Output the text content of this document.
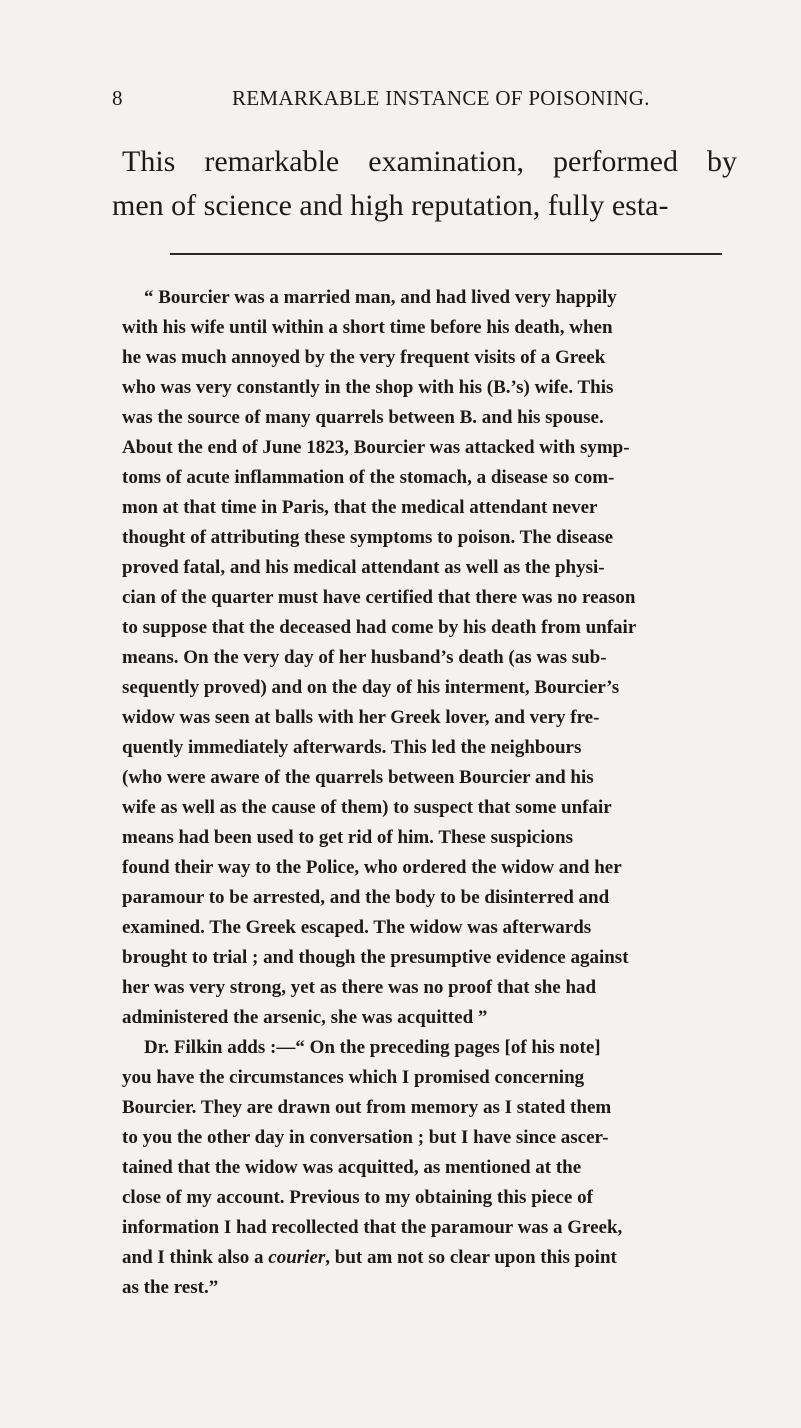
8	REMARKABLE INSTANCE OF POISONING.
This remarkable examination, performed by
men of science and high reputation, fully esta-
“ Bourcier was a married man, and had lived very happily
with his wife until within a short time before his death, when
he was much annoyed by the very frequent visits of a Greek
who was very constantly in the shop with his (B.’s) wife. This
was the source of many quarrels between B. and his spouse.
About the end of June 1823, Bourcier was attacked with symp-
toms of acute inflammation of the stomach, a disease so com-
mon at that time in Paris, that the medical attendant never
thought of attributing these symptoms to poison. The disease
proved fatal, and his medical attendant as well as the physi-
cian of the quarter must have certified that there was no reason
to suppose that the deceased had come by his death from unfair
means. On the very day of her husband’s death (as was sub-
sequently proved) and on the day of his interment, Bourcier’s
widow was seen at balls with her Greek lover, and very fre-
quently immediately afterwards. This led the neighbours
(who were aware of the quarrels between Bourcier and his
wife as well as the cause of them) to suspect that some unfair
means had been used to get rid of him. These suspicions
found their way to the Police, who ordered the widow and her
paramour to be arrested, and the body to be disinterred and
examined. The Greek escaped. The widow was afterwards
brought to trial ; and though the presumptive evidence against
her was very strong, yet as there was no proof that she had
administered the arsenic, she was acquitted ”
Dr. Filkin adds :—“ On the preceding pages [of his note]
you have the circumstances which I promised concerning
Bourcier. They are drawn out from memory as I stated them
to you the other day in conversation ; but I have since ascer-
tained that the widow was acquitted, as mentioned at the
close of my account. Previous to my obtaining this piece of
information I had recollected that the paramour was a Greek,
and I think also a courier, but am not so clear upon this point
as the rest.”
